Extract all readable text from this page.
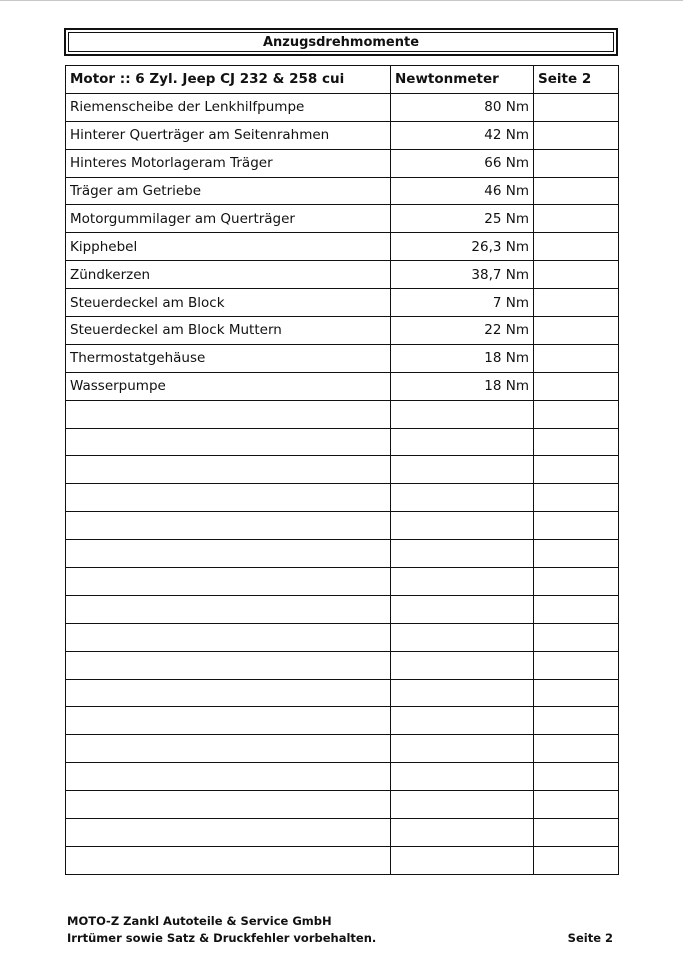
Anzugsdrehmomente
Motor :: 6 Zyl. Jeep CJ 232 & 258 cui	Newtonmeter	Seite 2
Riemenscheibe der Lenkhilfpumpe	80 Nm	
Hinterer Querträger am Seitenrahmen	42 Nm	
Hinteres Motorlageram Träger	66 Nm	
Träger am Getriebe	46 Nm	
Motorgummilager am Querträger	25 Nm	
Kipphebel	26,3 Nm	
Zündkerzen	38,7 Nm	
Steuerdeckel am Block	7 Nm	
Steuerdeckel am Block Muttern	22 Nm	
Thermostatgehäuse	18 Nm	
Wasserpumpe	18 Nm	

MOTO-Z Zankl Autoteile & Service GmbH
Irrtümer sowie Satz & Druckfehler vorbehalten.	Seite 2
